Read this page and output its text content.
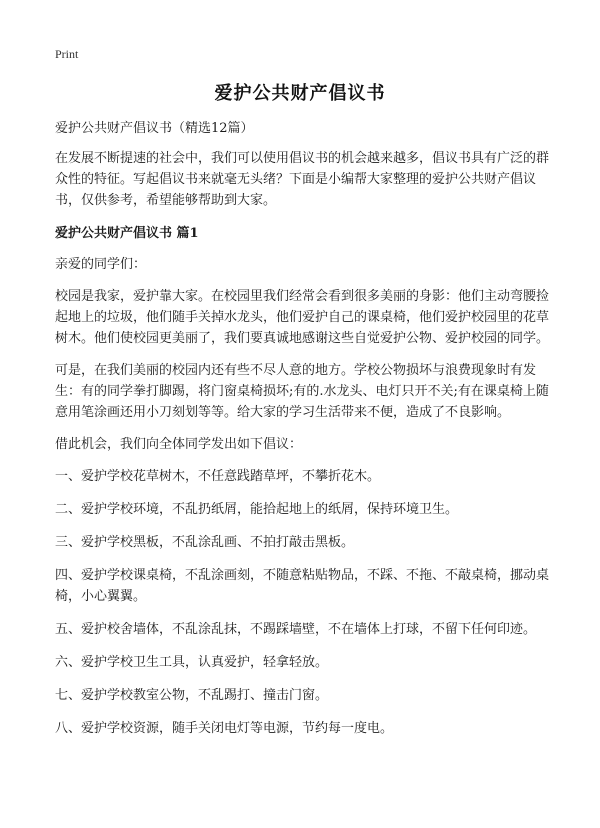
Print
爱护公共财产倡议书

爱护公共财产倡议书（精选12篇）

在发展不断提速的社会中，我们可以使用倡议书的机会越来越多，倡议书具有广泛的群众性的特征。写起倡议书来就毫无头绪？下面是小编帮大家整理的爱护公共财产倡议书，仅供参考，希望能够帮助到大家。

爱护公共财产倡议书 篇1

亲爱的同学们：

校园是我家，爱护靠大家。在校园里我们经常会看到很多美丽的身影：他们主动弯腰捡起地上的垃圾，他们随手关掉水龙头，他们爱护自己的课桌椅，他们爱护校园里的花草树木。他们使校园更美丽了，我们要真诚地感谢这些自觉爱护公物、爱护校园的同学。

可是，在我们美丽的校园内还有些不尽人意的地方。学校公物损坏与浪费现象时有发生：有的同学拳打脚踢，将门窗桌椅损坏;有的.水龙头、电灯只开不关;有在课桌椅上随意用笔涂画还用小刀刻划等等。给大家的学习生活带来不便，造成了不良影响。

借此机会，我们向全体同学发出如下倡议：

一、爱护学校花草树木，不任意践踏草坪，不攀折花木。

二、爱护学校环境，不乱扔纸屑，能拾起地上的纸屑，保持环境卫生。

三、爱护学校黑板，不乱涂乱画、不拍打敲击黑板。

四、爱护学校课桌椅，不乱涂画刻，不随意粘贴物品，不踩、不拖、不敲桌椅，挪动桌椅，小心翼翼。

五、爱护校舍墙体，不乱涂乱抹，不踢踩墙壁，不在墙体上打球，不留下任何印迹。

六、爱护学校卫生工具，认真爱护，轻拿轻放。

七、爱护学校教室公物，不乱踢打、撞击门窗。

八、爱护学校资源，随手关闭电灯等电源，节约每一度电。
